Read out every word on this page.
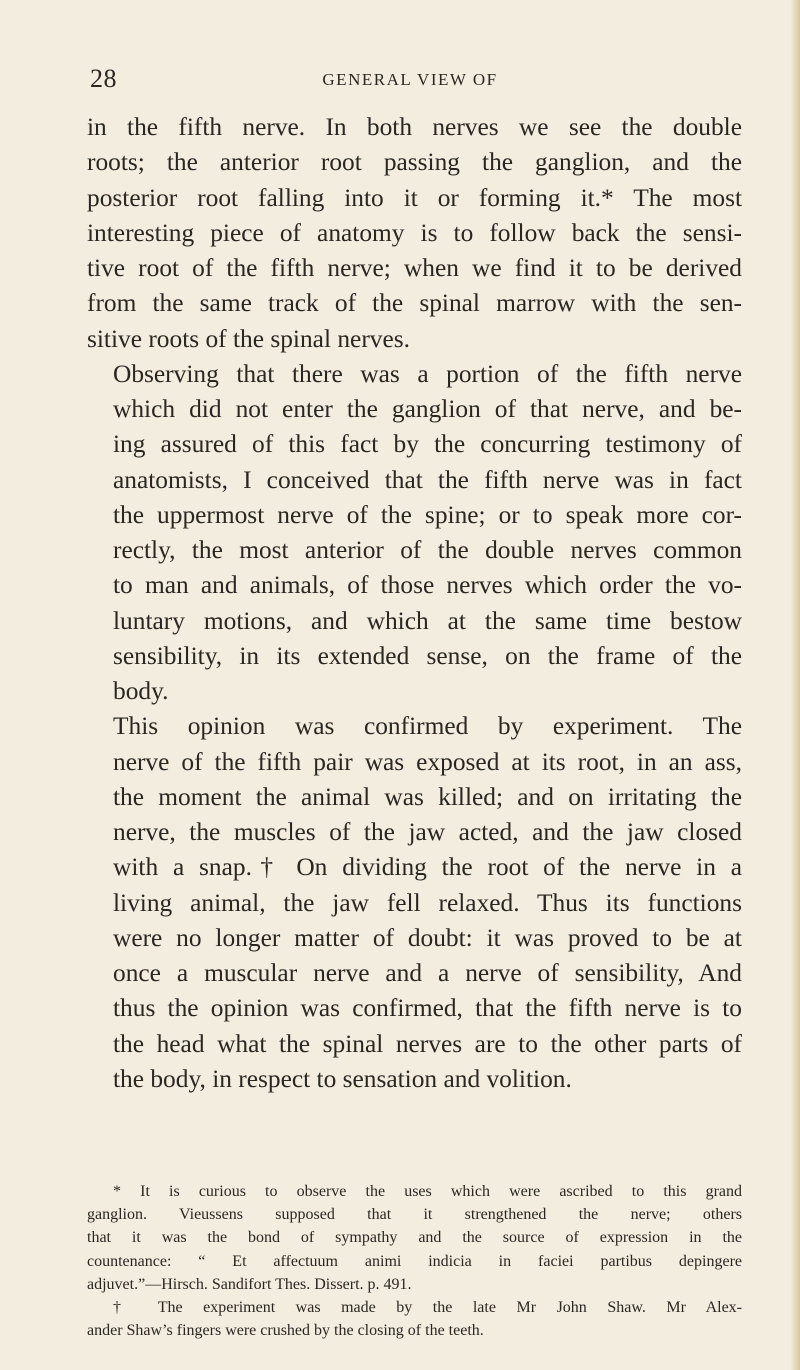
28	GENERAL VIEW OF

in the fifth nerve. In both nerves we see the double
roots; the anterior root passing the ganglion, and the
posterior root falling into it or forming it.* The most
interesting piece of anatomy is to follow back the sensi-
tive root of the fifth nerve; when we find it to be derived
from the same track of the spinal marrow with the sen-
sitive roots of the spinal nerves.

Observing that there was a portion of the fifth nerve
which did not enter the ganglion of that nerve, and be-
ing assured of this fact by the concurring testimony of
anatomists, I conceived that the fifth nerve was in fact
the uppermost nerve of the spine; or to speak more cor-
rectly, the most anterior of the double nerves common
to man and animals, of those nerves which order the vo-
luntary motions, and which at the same time bestow
sensibility, in its extended sense, on the frame of the
body.

This opinion was confirmed by experiment. The
nerve of the fifth pair was exposed at its root, in an ass,
the moment the animal was killed; and on irritating the
nerve, the muscles of the jaw acted, and the jaw closed
with a snap.† On dividing the root of the nerve in a
living animal, the jaw fell relaxed. Thus its functions
were no longer matter of doubt: it was proved to be at
once a muscular nerve and a nerve of sensibility, And
thus the opinion was confirmed, that the fifth nerve is to
the head what the spinal nerves are to the other parts of
the body, in respect to sensation and volition.

* It is curious to observe the uses which were ascribed to this grand
ganglion. Vieussens supposed that it strengthened the nerve; others
that it was the bond of sympathy and the source of expression in the
countenance: “ Et affectuum animi indicia in faciei partibus depingere
adjuvet.”—Hirsch. Sandifort Thes. Dissert. p. 491.
† The experiment was made by the late Mr John Shaw. Mr Alex-
ander Shaw’s fingers were crushed by the closing of the teeth.
